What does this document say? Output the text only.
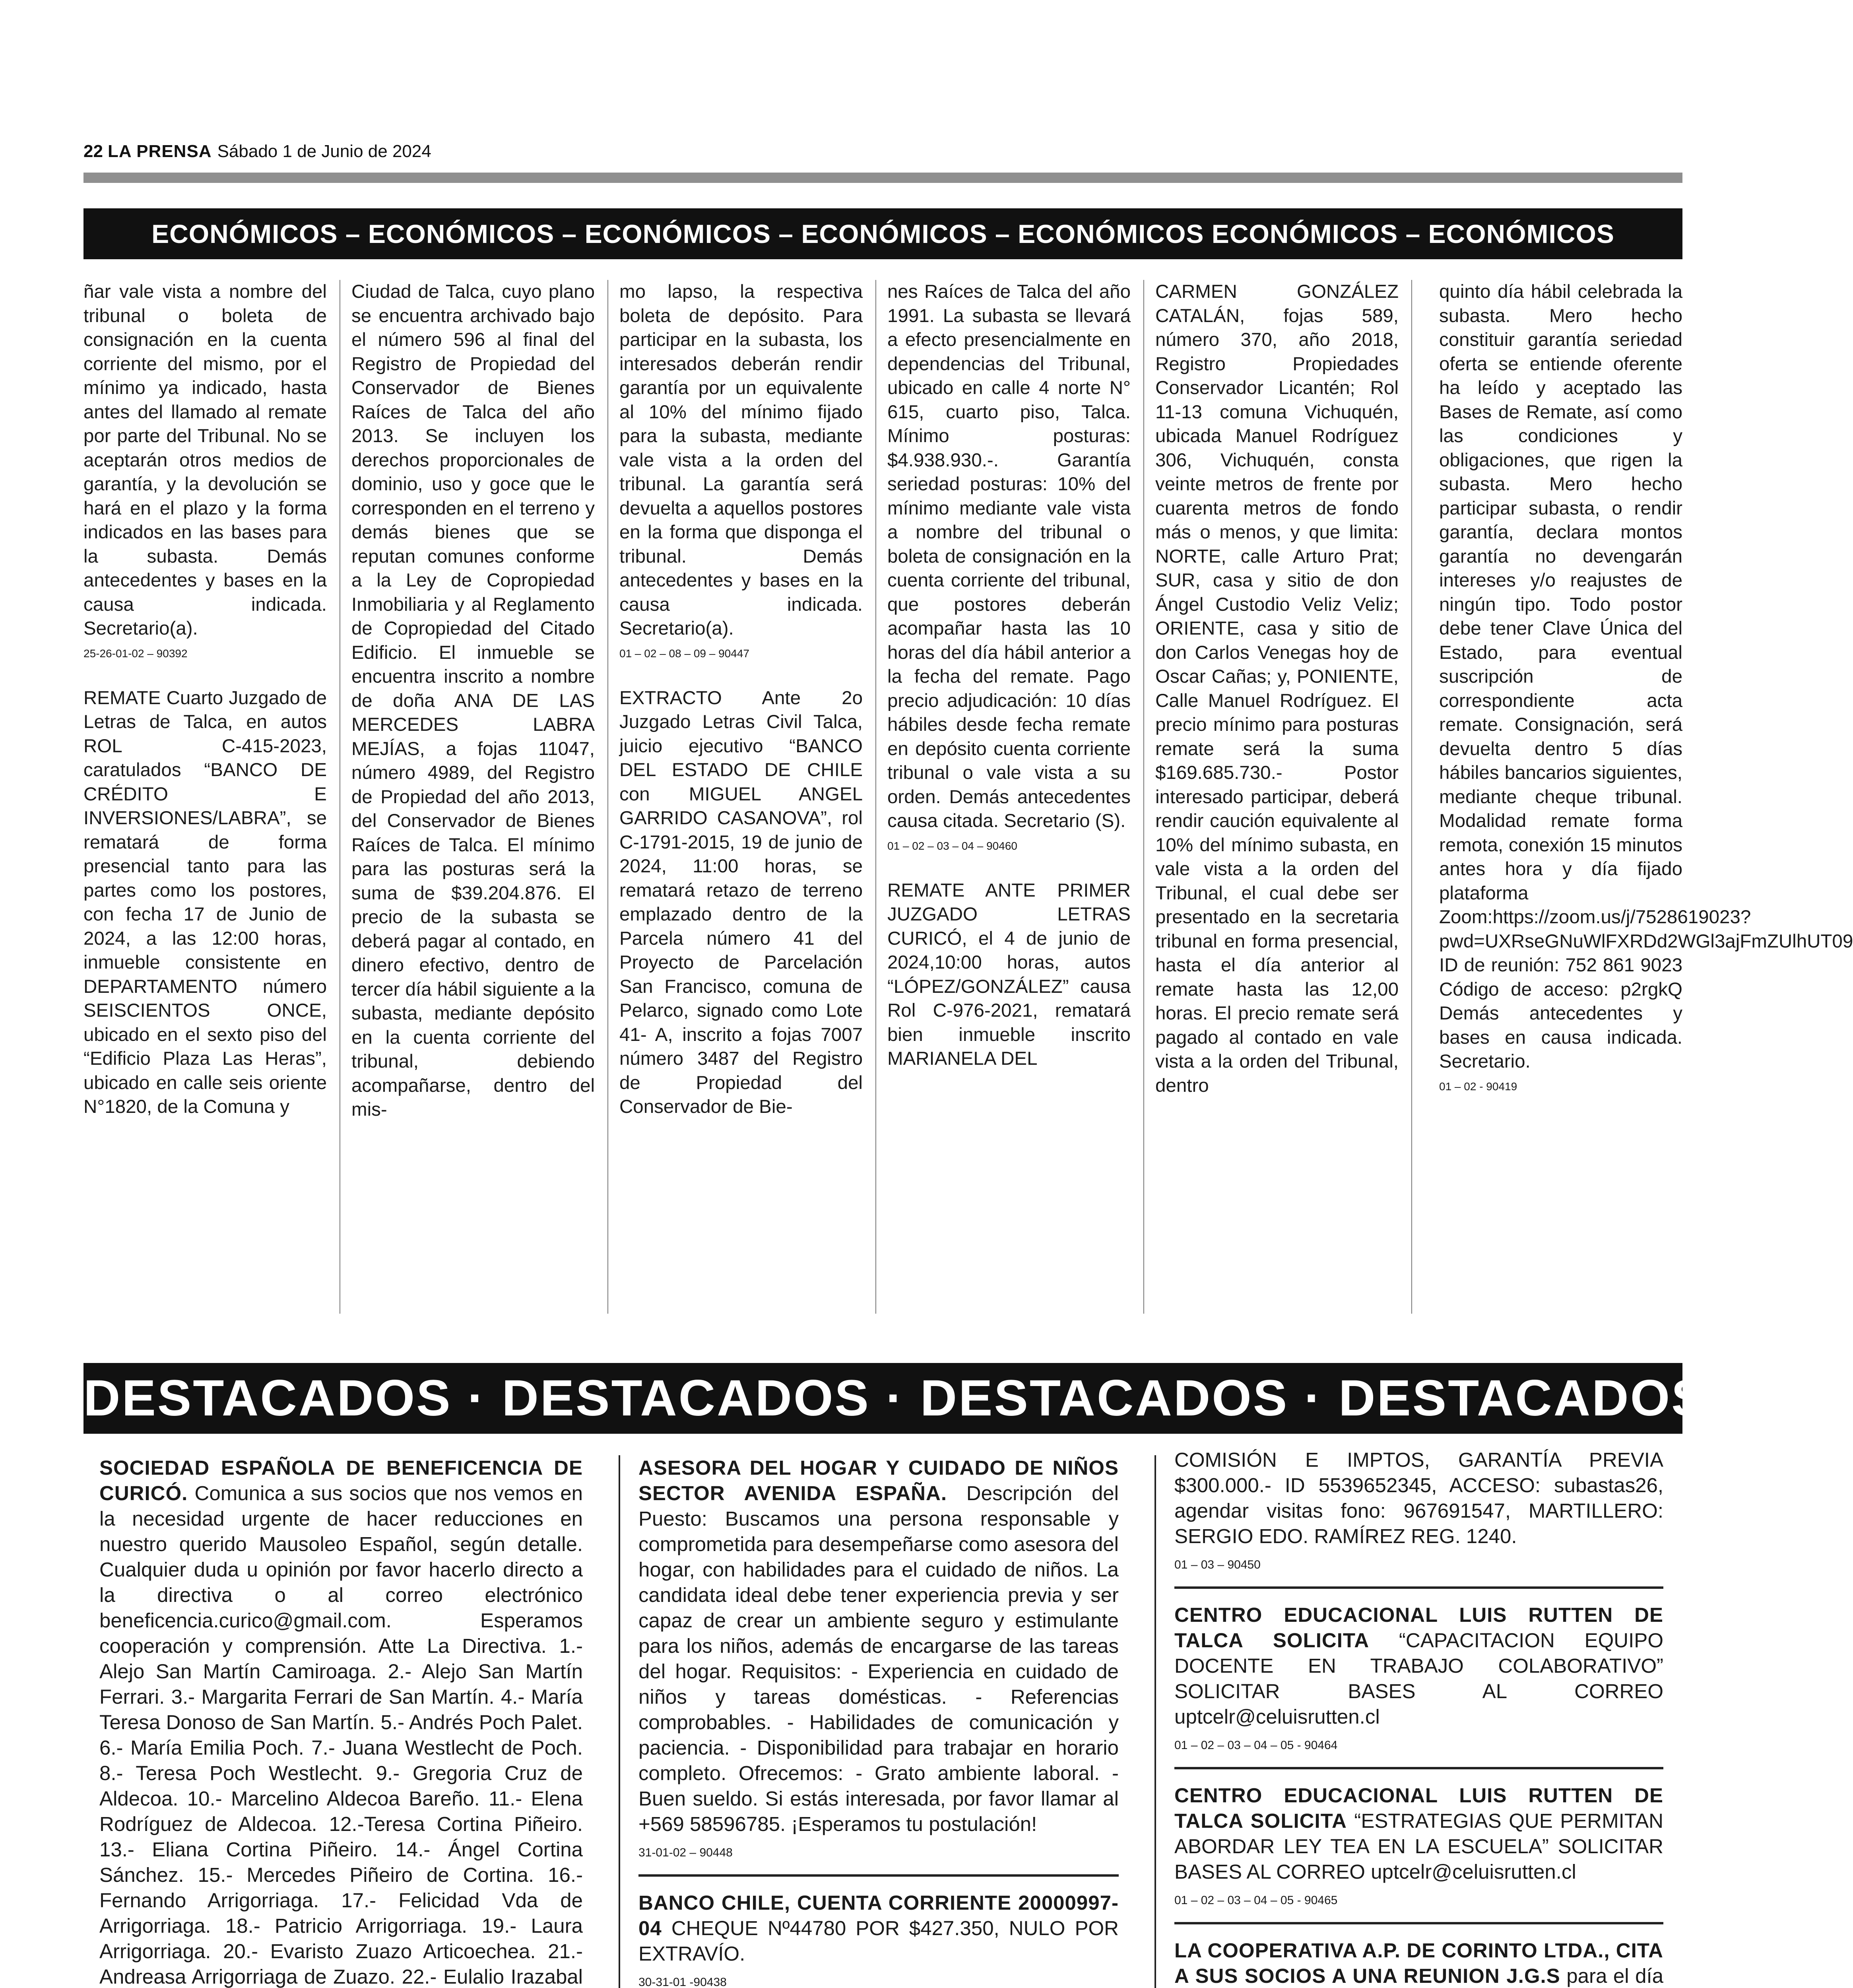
22 LA PRENSA Sábado 1 de Junio de 2024
ECONÓMICOS – ECONÓMICOS – ECONÓMICOS – ECONÓMICOS – ECONÓMICOS ECONÓMICOS – ECONÓMICOS

ñar vale vista a nombre del tribunal o boleta de consignación en la cuenta corriente del mismo, por el mínimo ya indicado, hasta antes del llamado al remate por parte del Tribunal. No se aceptarán otros medios de garantía, y la devolución se hará en el plazo y la forma indicados en las bases para la subasta. Demás antecedentes y bases en la causa indicada. Secretario(a).
25-26-01-02 – 90392

REMATE Cuarto Juzgado de Letras de Talca, en autos ROL C-415-2023, caratulados “BANCO DE CRÉDITO E INVERSIONES/LABRA”, se rematará de forma presencial tanto para las partes como los postores, con fecha 17 de Junio de 2024, a las 12:00 horas, inmueble consistente en DEPARTAMENTO número SEISCIENTOS ONCE, ubicado en el sexto piso del “Edificio Plaza Las Heras”, ubicado en calle seis oriente N°1820, de la Comuna y

Ciudad de Talca, cuyo plano se encuentra archivado bajo el número 596 al final del Registro de Propiedad del Conservador de Bienes Raíces de Talca del año 2013. Se incluyen los derechos proporcionales de dominio, uso y goce que le corresponden en el terreno y demás bienes que se reputan comunes conforme a la Ley de Copropiedad Inmobiliaria y al Reglamento de Copropiedad del Citado Edificio. El inmueble se encuentra inscrito a nombre de doña ANA DE LAS MERCEDES LABRA MEJÍAS, a fojas 11047, número 4989, del Registro de Propiedad del año 2013, del Conservador de Bienes Raíces de Talca. El mínimo para las posturas será la suma de $39.204.876. El precio de la subasta se deberá pagar al contado, en dinero efectivo, dentro de tercer día hábil siguiente a la subasta, mediante depósito en la cuenta corriente del tribunal, debiendo acompañarse, dentro del mis-

mo lapso, la respectiva boleta de depósito. Para participar en la subasta, los interesados deberán rendir garantía por un equivalente al 10% del mínimo fijado para la subasta, mediante vale vista a la orden del tribunal. La garantía será devuelta a aquellos postores en la forma que disponga el tribunal. Demás antecedentes y bases en la causa indicada. Secretario(a).
01 – 02 – 08 – 09 – 90447

EXTRACTO Ante 2o Juzgado Letras Civil Talca, juicio ejecutivo “BANCO DEL ESTADO DE CHILE con MIGUEL ANGEL GARRIDO CASANOVA”, rol C-1791-2015, 19 de junio de 2024, 11:00 horas, se rematará retazo de terreno emplazado dentro de la Parcela número 41 del Proyecto de Parcelación San Francisco, comuna de Pelarco, signado como Lote 41- A, inscrito a fojas 7007 número 3487 del Registro de Propiedad del Conservador de Bie-

nes Raíces de Talca del año 1991. La subasta se llevará a efecto presencialmente en dependencias del Tribunal, ubicado en calle 4 norte N° 615, cuarto piso, Talca. Mínimo posturas: $4.938.930.-. Garantía seriedad posturas: 10% del mínimo mediante vale vista a nombre del tribunal o boleta de consignación en la cuenta corriente del tribunal, que postores deberán acompañar hasta las 10 horas del día hábil anterior a la fecha del remate. Pago precio adjudicación: 10 días hábiles desde fecha remate en depósito cuenta corriente tribunal o vale vista a su orden. Demás antecedentes causa citada. Secretario (S).
01 – 02 – 03 – 04 – 90460

REMATE ANTE PRIMER JUZGADO LETRAS CURICÓ, el 4 de junio de 2024,10:00 horas, autos “LÓPEZ/GONZÁLEZ” causa Rol C-976-2021, rematará bien inmueble inscrito MARIANELA DEL

CARMEN GONZÁLEZ CATALÁN, fojas 589, número 370, año 2018, Registro Propiedades Conservador Licantén; Rol 11-13 comuna Vichuquén, ubicada Manuel Rodríguez 306, Vichuquén, consta veinte metros de frente por cuarenta metros de fondo más o menos, y que limita: NORTE, calle Arturo Prat; SUR, casa y sitio de don Ángel Custodio Veliz Veliz; ORIENTE, casa y sitio de don Carlos Venegas hoy de Oscar Cañas; y, PONIENTE, Calle Manuel Rodríguez. El precio mínimo para posturas remate será la suma $169.685.730.- Postor interesado participar, deberá rendir caución equivalente al 10% del mínimo subasta, en vale vista a la orden del Tribunal, el cual debe ser presentado en la secretaria tribunal en forma presencial, hasta el día anterior al remate hasta las 12,00 horas. El precio remate será pagado al contado en vale vista a la orden del Tribunal, dentro

quinto día hábil celebrada la subasta. Mero hecho constituir garantía seriedad oferta se entiende oferente ha leído y aceptado las Bases de Remate, así como las condiciones y obligaciones, que rigen la subasta. Mero hecho participar subasta, o rendir garantía, declara montos garantía no devengarán intereses y/o reajustes de ningún tipo. Todo postor debe tener Clave Única del Estado, para eventual suscripción de correspondiente acta remate. Consignación, será devuelta dentro 5 días hábiles bancarios siguientes, mediante cheque tribunal. Modalidad remate forma remota, conexión 15 minutos antes hora y día fijado plataforma Zoom:https://zoom.us/j/7528619023?pwd=UXRseGNuWlFXRDd2WGl3ajFmZUlhUT09 ID de reunión: 752 861 9023 Código de acceso: p2rgkQ Demás antecedentes y bases en causa indicada. Secretario.
01 – 02 - 90419

DESTACADOS · DESTACADOS · DESTACADOS · DESTACADOS

SOCIEDAD ESPAÑOLA DE BENEFICENCIA DE CURICÓ. Comunica a sus socios que nos vemos en la necesidad urgente de hacer reducciones en nuestro querido Mausoleo Español, según detalle. Cualquier duda u opinión por favor hacerlo directo a la directiva o al correo electrónico beneficencia.curico@gmail.com. Esperamos cooperación y comprensión. Atte La Directiva. 1.- Alejo San Martín Camiroaga. 2.- Alejo San Martín Ferrari. 3.- Margarita Ferrari de San Martín. 4.- María Teresa Donoso de San Martín. 5.- Andrés Poch Palet. 6.- María Emilia Poch. 7.- Juana Westlecht de Poch. 8.- Teresa Poch Westlecht. 9.- Gregoria Cruz de Aldecoa. 10.- Marcelino Aldecoa Bareño. 11.- Elena Rodríguez de Aldecoa. 12.-Teresa Cortina Piñeiro. 13.- Eliana Cortina Piñeiro. 14.- Ángel Cortina Sánchez. 15.- Mercedes Piñeiro de Cortina. 16.- Fernando Arrigorriaga. 17.- Felicidad Vda de Arrigorriaga. 18.- Patricio Arrigorriaga. 19.- Laura Arrigorriaga. 20.- Evaristo Zuazo Articoechea. 21.- Andreasa Arrigorriaga de Zuazo. 22.- Eulalio Irazabal

ASESORA DEL HOGAR Y CUIDADO DE NIÑOS SECTOR AVENIDA ESPAÑA. Descripción del Puesto: Buscamos una persona responsable y comprometida para desempeñarse como asesora del hogar, con habilidades para el cuidado de niños. La candidata ideal debe tener experiencia previa y ser capaz de crear un ambiente seguro y estimulante para los niños, además de encargarse de las tareas del hogar. Requisitos: - Experiencia en cuidado de niños y tareas domésticas. - Referencias comprobables. - Habilidades de comunicación y paciencia. - Disponibilidad para trabajar en horario completo. Ofrecemos: - Grato ambiente laboral. - Buen sueldo. Si estás interesada, por favor llamar al +569 58596785. ¡Esperamos tu postulación!

31-01-02 – 90448

BANCO CHILE, CUENTA CORRIENTE 20000997-04 CHEQUE Nº44780 POR $427.350, NULO POR EXTRAVÍO.

30-31-01 -90438

COMISIÓN E IMPTOS, GARANTÍA PREVIA $300.000.- ID 5539652345, ACCESO: subastas26, agendar visitas fono: 967691547, MARTILLERO: SERGIO EDO. RAMÍREZ REG. 1240.

01 – 03 – 90450

CENTRO EDUCACIONAL LUIS RUTTEN DE TALCA SOLICITA “CAPACITACION EQUIPO DOCENTE EN TRABAJO COLABORATIVO” SOLICITAR BASES AL CORREO uptcelr@celuisrutten.cl

01 – 02 – 03 – 04 – 05 - 90464

CENTRO EDUCACIONAL LUIS RUTTEN DE TALCA SOLICITA “ESTRATEGIAS QUE PERMITAN ABORDAR LEY TEA EN LA ESCUELA” SOLICITAR BASES AL CORREO uptcelr@celuisrutten.cl

01 – 02 – 03 – 04 – 05 - 90465

LA COOPERATIVA A.P. DE CORINTO LTDA., CITA A SUS SOCIOS A UNA REUNION J.G.S para el día
